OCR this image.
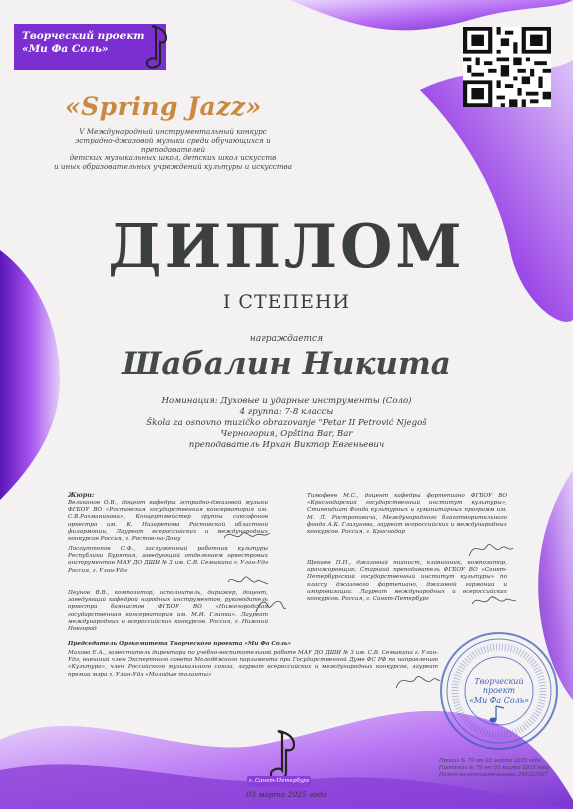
Творческий проект
«Ми Фа Соль»
«Spring Jazz»
V Международный инструментальный конкурс
эстрадно-джазовой музыки среди обучающихся и преподавателей
детских музыкальных школ, детских школ искусств
и иных образовательных учреждений культуры и искусства
ДИПЛОМ
I СТЕПЕНИ
награждается
Шабалин Никита
Номинация: Духовые и ударные инструменты (Соло)
4 группа: 7-8 классы
Škola za osnovno muzičko obrazovanje "Petar II Petrović Njegoš
Черногория, Opština Bar, Bar
преподаватель Ирхан Виктор Евгеньевич
Жюри:
Великанов О.В., доцент кафедры эстрадно-джазовой музыки ФГБОУ ВО «Ростовская государственная консерватория им. С.В.Рахманинова», Концертмейстер группы саксофонов оркестра им. К. Назаретова Ростовской областной филармонии, Лауреат всероссийских и международных конкурсов Россия, г. Ростов-на-Дону
Лосоуттопов С.Ф., заслуженный работник культуры Республики Бурятия, заведующий отделением оркестровых инструментов МАУ ДО ДШИ № 3 им. С.В. Семыкина г. Улан-Удэ Россия, г. Улан-Удэ
Пеунов В.В., композитор, исполнитель, дирижер, доцент, заведующий кафедрой народных инструментов, руководитель оркестра баянистов ФГБОУ ВО «Нижегородская государственная консерватория им. М.И. Глинки». Лауреат международных и всероссийских конкурсов. Россия, г. Нижний Новгород
Тимофеев М.С., доцент кафедры фортепиано ФГБОУ ВО «Краснодарский государственный институт культуры», Стипендиат Фонда культурных и гуманитарных программ им. М. Л. Ростроповича, Международного благотворительного фонда А.К. Глазунова, лауреат всероссийских и международных конкурсов. Россия, г. Краснодар
Щекиев П.Н., джазовый пианист, клавишник, композитор, аранжировщик. Старший преподаватель ФГБОУ ВО «Санкт-Петербургский государственный институт культуры» по классу джазового фортепиано, джазовой гармонии и импровизации. Лауреат международных и всероссийских конкурсов. Россия, г. Санкт-Петербург
Председатель Оргкомитета Творческого проекта «Ми Фа Соль»
Махова Е.А., заместитель директора по учебно-воспитательной работе МАУ ДО ДШИ № 3 им. С.В. Семыкина г. Улан-Удэ, внешний член Экспертного совета Молодёжного парламента при Государственной Думе ФС РФ по направлению «Культура», член Российского музыкального союза, лауреат всероссийских и международных конкурсов, лауреат премии мэра г. Улан-Удэ «Молодые таланты»
Творческий
проект
«Ми Фа Соль»
г. Санкт-Петербург
03 марта 2025 года
Приказ № 79 от 03 марта 2025 года
Протокол № 79 от 03 марта 2025 года
Номер налогоплательщика 295321507
